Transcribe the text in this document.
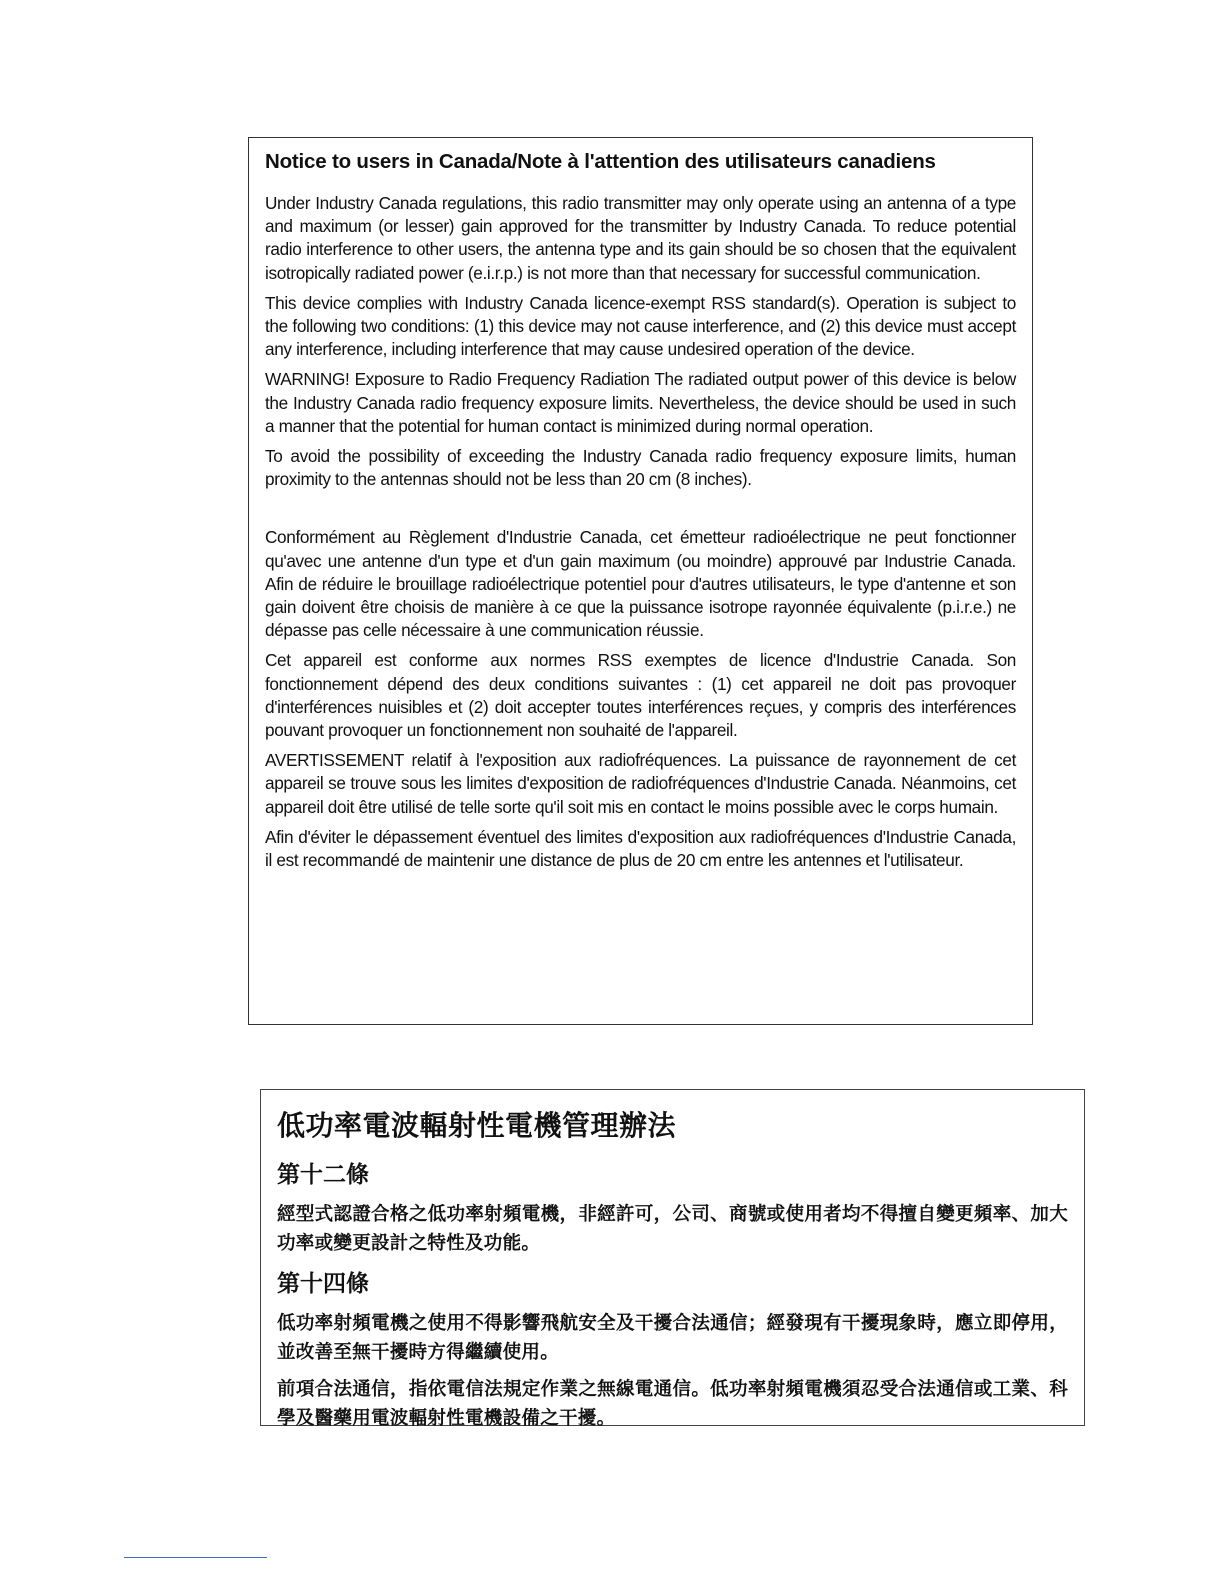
Notice to users in Canada/Note à l'attention des utilisateurs canadiens

Under Industry Canada regulations, this radio transmitter may only operate using an antenna of a type and maximum (or lesser) gain approved for the transmitter by Industry Canada. To reduce potential radio interference to other users, the antenna type and its gain should be so chosen that the equivalent isotropically radiated power (e.i.r.p.) is not more than that necessary for successful communication.

This device complies with Industry Canada licence-exempt RSS standard(s). Operation is subject to the following two conditions: (1) this device may not cause interference, and (2) this device must accept any interference, including interference that may cause undesired operation of the device.

WARNING! Exposure to Radio Frequency Radiation The radiated output power of this device is below the Industry Canada radio frequency exposure limits. Nevertheless, the device should be used in such a manner that the potential for human contact is minimized during normal operation.

To avoid the possibility of exceeding the Industry Canada radio frequency exposure limits, human proximity to the antennas should not be less than 20 cm (8 inches).

Conformément au Règlement d'Industrie Canada, cet émetteur radioélectrique ne peut fonctionner qu'avec une antenne d'un type et d'un gain maximum (ou moindre) approuvé par Industrie Canada. Afin de réduire le brouillage radioélectrique potentiel pour d'autres utilisateurs, le type d'antenne et son gain doivent être choisis de manière à ce que la puissance isotrope rayonnée équivalente (p.i.r.e.) ne dépasse pas celle nécessaire à une communication réussie.

Cet appareil est conforme aux normes RSS exemptes de licence d'Industrie Canada. Son fonctionnement dépend des deux conditions suivantes : (1) cet appareil ne doit pas provoquer d'interférences nuisibles et (2) doit accepter toutes interférences reçues, y compris des interférences pouvant provoquer un fonctionnement non souhaité de l'appareil.

AVERTISSEMENT relatif à l'exposition aux radiofréquences. La puissance de rayonnement de cet appareil se trouve sous les limites d'exposition de radiofréquences d'Industrie Canada. Néanmoins, cet appareil doit être utilisé de telle sorte qu'il soit mis en contact le moins possible avec le corps humain.

Afin d'éviter le dépassement éventuel des limites d'exposition aux radiofréquences d'Industrie Canada, il est recommandé de maintenir une distance de plus de 20 cm entre les antennes et l'utilisateur.

低功率電波輻射性電機管理辦法
第十二條

經型式認證合格之低功率射頻電機，非經許可，公司、商號或使用者均不得擅自變更頻率、加大功率或變更設計之特性及功能。

第十四條

低功率射頻電機之使用不得影響飛航安全及干擾合法通信；經發現有干擾現象時，應立即停用，並改善至無干擾時方得繼續使用。

前項合法通信，指依電信法規定作業之無線電通信。低功率射頻電機須忍受合法通信或工業、科學及醫藥用電波輻射性電機設備之干擾。
